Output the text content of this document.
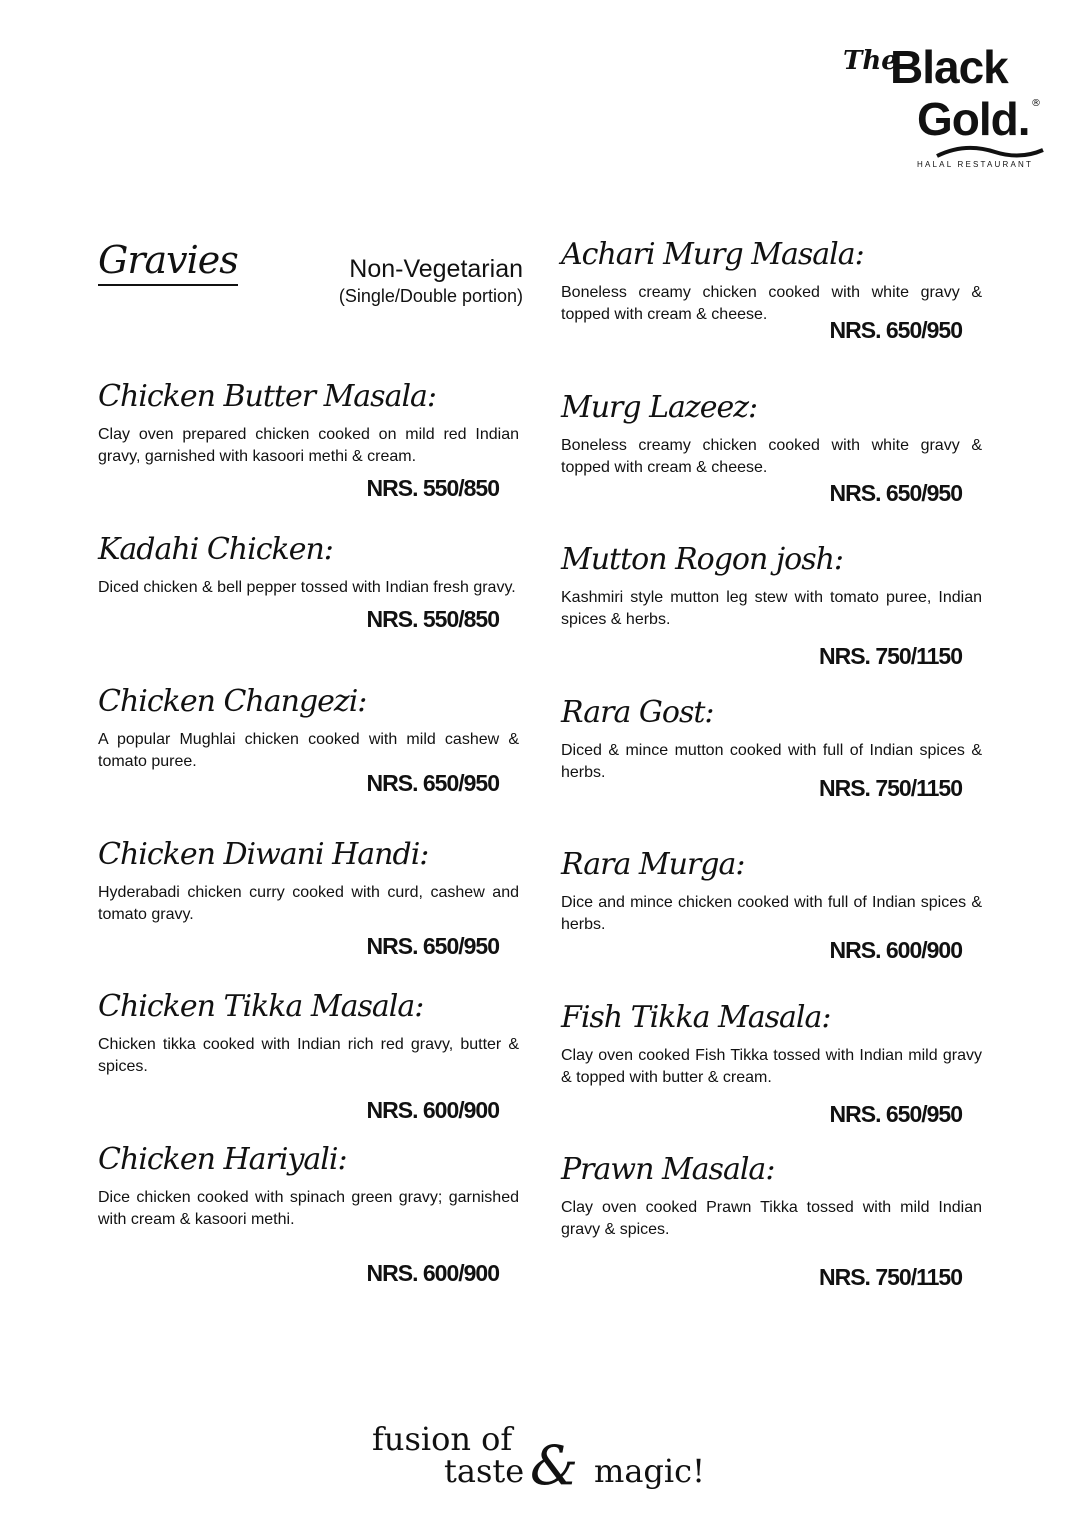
The
Black
Gold. ®
HALAL RESTAURANT
Gravies	Non-Vegetarian
(Single/Double portion)
Chicken Butter Masala:
Clay oven prepared chicken cooked on mild red Indian gravy, garnished with kasoori methi & cream.
NRS. 550/850
Kadahi Chicken:
Diced chicken & bell pepper tossed with Indian fresh gravy.
NRS. 550/850
Chicken Changezi:
A popular Mughlai chicken cooked with mild cashew & tomato puree.
NRS. 650/950
Chicken Diwani Handi:
Hyderabadi chicken curry cooked with curd, cashew and tomato gravy.
NRS. 650/950
Chicken Tikka Masala:
Chicken tikka cooked with Indian rich red gravy, butter & spices.
NRS. 600/900
Chicken Hariyali:
Dice chicken cooked with spinach green gravy; garnished with cream & kasoori methi.
NRS. 600/900
Achari Murg Masala:
Boneless creamy chicken cooked with white gravy & topped with cream & cheese.
NRS. 650/950
Murg Lazeez:
Boneless creamy chicken cooked with white gravy & topped with cream & cheese.
NRS. 650/950
Mutton Rogon josh:
Kashmiri style mutton leg stew with tomato puree, Indian spices & herbs.
NRS. 750/1150
Rara Gost:
Diced & mince mutton cooked with full of Indian spices & herbs.
NRS. 750/1150
Rara Murga:
Dice and mince chicken cooked with full of Indian spices & herbs.
NRS. 600/900
Fish Tikka Masala:
Clay oven cooked Fish Tikka tossed with Indian mild gravy & topped with butter & cream.
NRS. 650/950
Prawn Masala:
Clay oven cooked Prawn Tikka tossed with mild Indian gravy & spices.
NRS. 750/1150
fusion of
taste & magic!
